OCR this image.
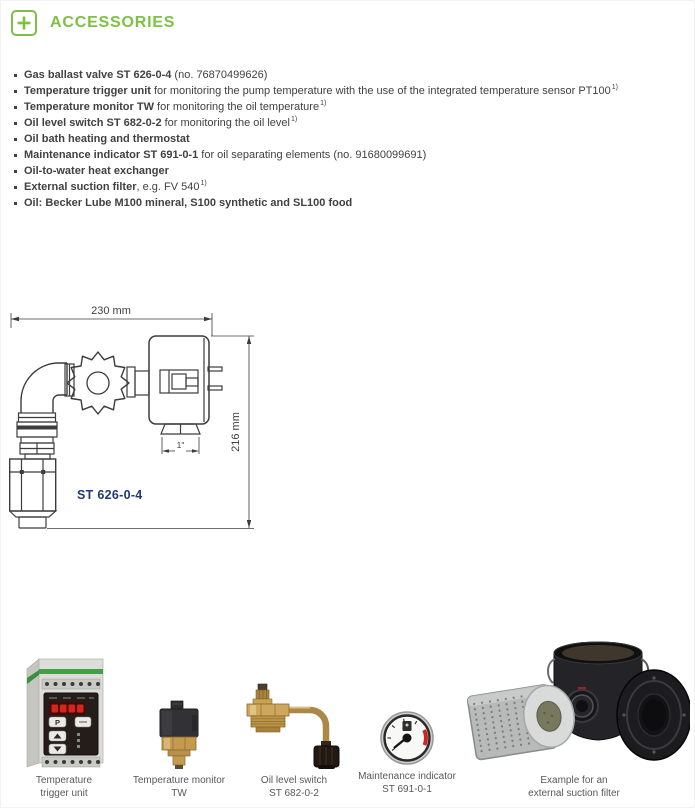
ACCESSORIES
Gas ballast valve ST 626-0-4 (no. 76870499626)
Temperature trigger unit for monitoring the pump temperature with the use of the integrated temperature sensor PT100$^{1)}$
Temperature monitor TW for monitoring the oil temperature$^{1)}$
Oil level switch ST 682-0-2 for monitoring the oil level$^{1)}$
Oil bath heating and thermostat
Maintenance indicator ST 691-0-1 for oil separating elements (no. 91680099691)
Oil-to-water heat exchanger
External suction filter, e.g. FV 540$^{1)}$
Oil: Becker Lube M100 mineral, S100 synthetic and SL100 food
230 mm
216 mm
1"
ST 626-0-4
P
Temperature
trigger unit
Temperature monitor
TW
Oil level switch
ST 682-0-2
Maintenance indicator
ST 691-0-1
Example for an
external suction filter
